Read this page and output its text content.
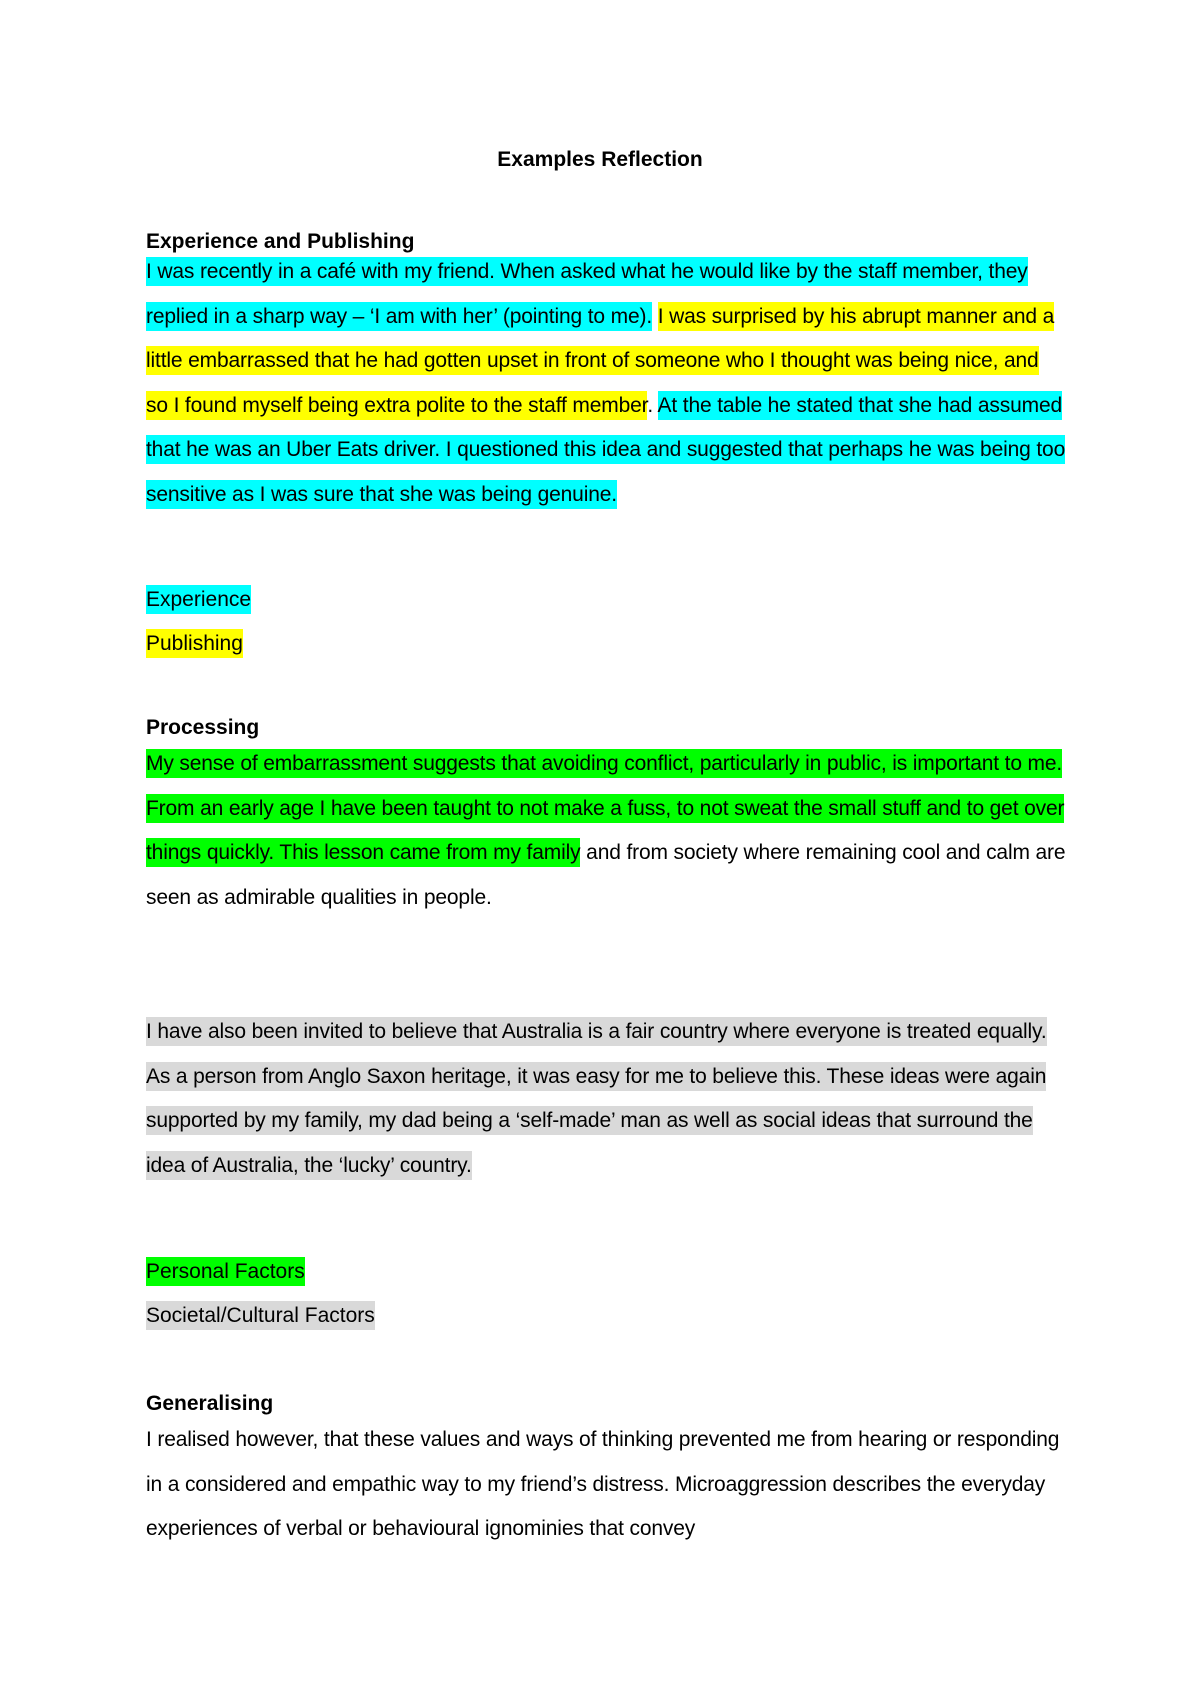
Examples Reflection
Experience and Publishing
I was recently in a café with my friend. When asked what he would like by the staff member, they replied in a sharp way – ‘I am with her’ (pointing to me). I was surprised by his abrupt manner and a little embarrassed that he had gotten upset in front of someone who I thought was being nice, and so I found myself being extra polite to the staff member. At the table he stated that she had assumed that he was an Uber Eats driver. I questioned this idea and suggested that perhaps he was being too sensitive as I was sure that she was being genuine.
Experience
Publishing
Processing
My sense of embarrassment suggests that avoiding conflict, particularly in public, is important to me. From an early age I have been taught to not make a fuss, to not sweat the small stuff and to get over things quickly. This lesson came from my family and from society where remaining cool and calm are seen as admirable qualities in people.
I have also been invited to believe that Australia is a fair country where everyone is treated equally. As a person from Anglo Saxon heritage, it was easy for me to believe this. These ideas were again supported by my family, my dad being a ‘self-made’ man as well as social ideas that surround the idea of Australia, the ‘lucky’ country.
Personal Factors
Societal/Cultural Factors
Generalising
I realised however, that these values and ways of thinking prevented me from hearing or responding in a considered and empathic way to my friend’s distress. Microaggression describes the everyday experiences of verbal or behavioural ignominies that convey
